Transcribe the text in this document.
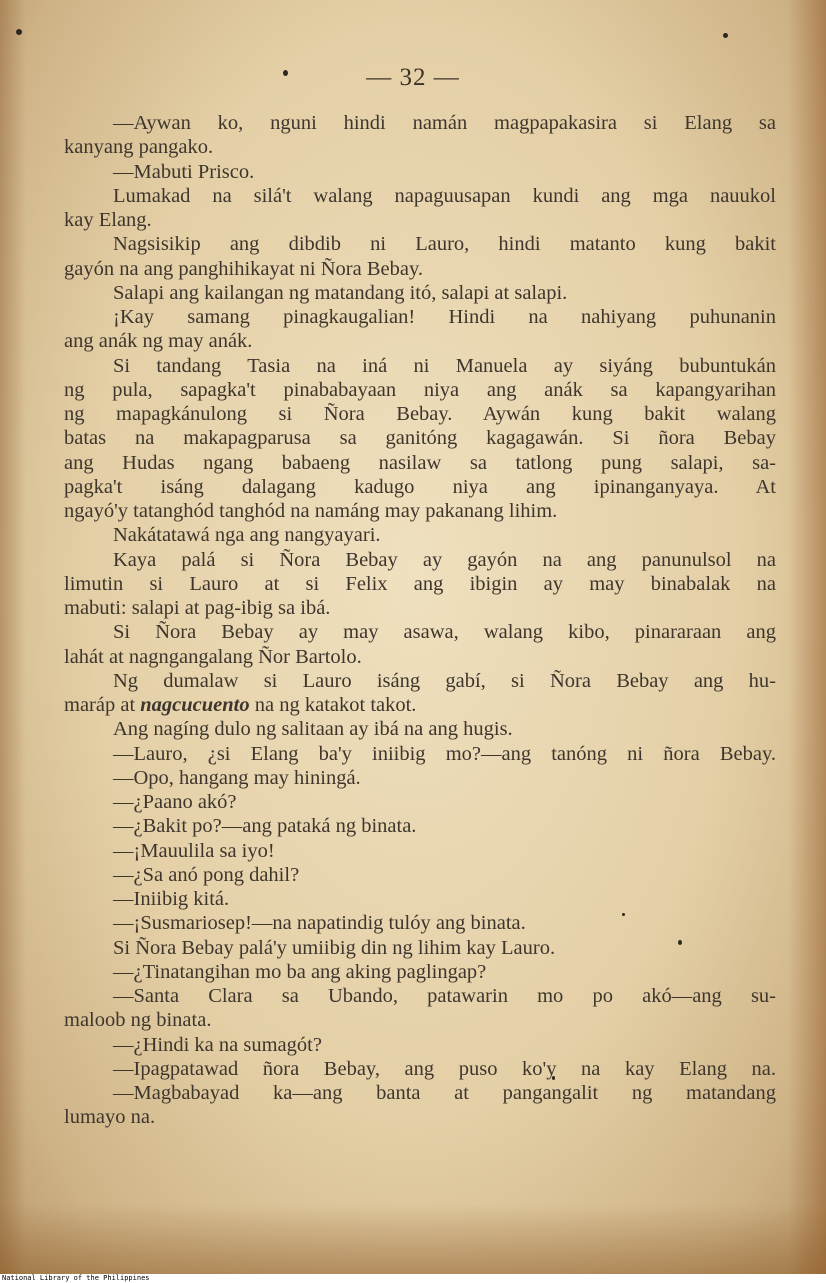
— 32 —
—Aywan ko, nguni hindi namán magpapakasira si Elang sa
kanyang pangako.
—Mabuti Prisco.
Lumakad na silá't walang napaguusapan kundi ang mga nauukol
kay Elang.
Nagsisikip ang dibdib ni Lauro, hindi matanto kung bakit
gayón na ang panghihikayat ni Ñora Bebay.
Salapi ang kailangan ng matandang itó, salapi at salapi.
¡Kay samang pinagkaugalian! Hindi na nahiyang puhunanin
ang anák ng may anák.
Si tandang Tasia na iná ni Manuela ay siyáng bubuntukán
ng pula, sapagka't pinababayaan niya ang anák sa kapangyarihan
ng mapagkánulong si Ñora Bebay. Aywán kung bakit walang
batas na makapagparusa sa ganitóng kagagawán. Si ñora Bebay
ang Hudas ngang babaeng nasilaw sa tatlong pung salapi, sa-
pagka't isáng dalagang kadugo niya ang ipinanganyaya. At
ngayó'y tatanghód tanghód na namáng may pakanang lihim.
Nakátatawá nga ang nangyayari.
Kaya palá si Ñora Bebay ay gayón na ang panunulsol na
limutin si Lauro at si Felix ang ibigin ay may binabalak na
mabuti: salapi at pag-ibig sa ibá.
Si Ñora Bebay ay may asawa, walang kibo, pinararaan ang
lahát at nagngangalang Ñor Bartolo.
Ng dumalaw si Lauro isáng gabí, si Ñora Bebay ang hu-
maráp at nagcucuento na ng katakot takot.
Ang nagíng dulo ng salitaan ay ibá na ang hugis.
—Lauro, ¿si Elang ba'y iniibig mo?—ang tanóng ni ñora Bebay.
—Opo, hangang may hiningá.
—¿Paano akó?
—¿Bakit po?—ang pataká ng binata.
—¡Mauulila sa iyo!
—¿Sa anó pong dahil?
—Iniibig kitá.
—¡Susmariosep!—na napatindig tulóy ang binata.
Si Ñora Bebay palá'y umiibig din ng lihim kay Lauro.
—¿Tinatangihan mo ba ang aking paglingap?
—Santa Clara sa Ubando, patawarin mo po akó—ang su-
maloob ng binata.
—¿Hindi ka na sumagót?
—Ipagpatawad ñora Bebay, ang puso ko'y na kay Elang na.
—Magbabayad ka—ang banta at pangangalit ng matandang
lumayo na.
National Library of the Philippines
